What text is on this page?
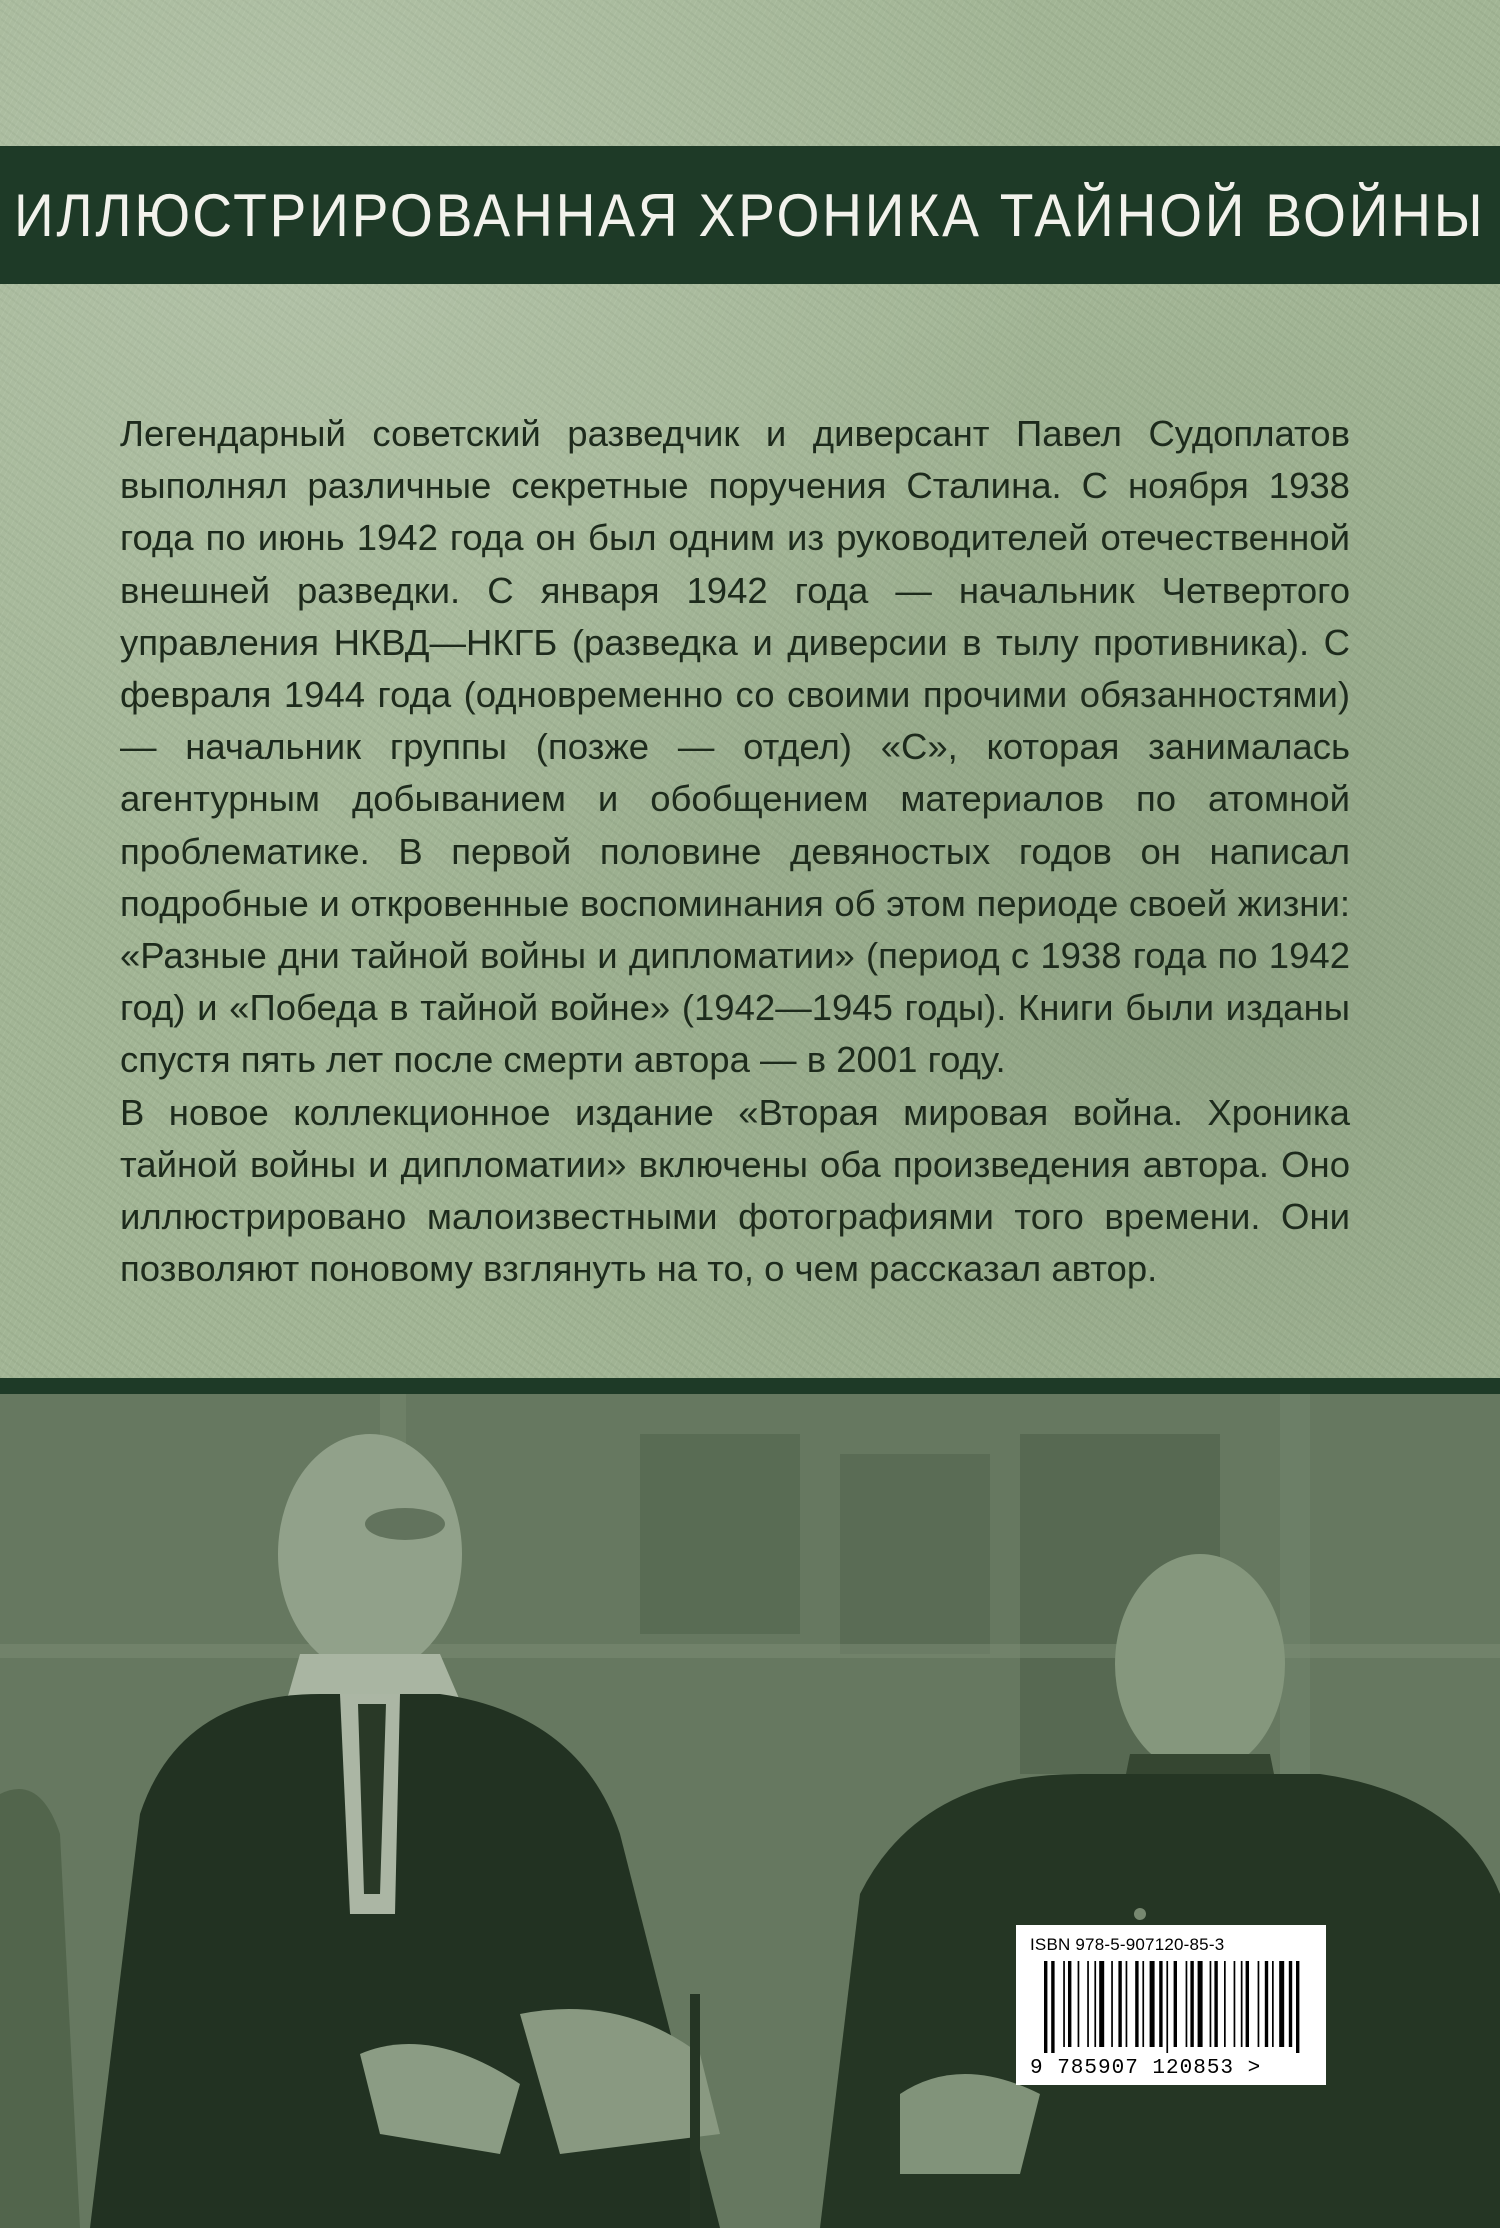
ИЛЛЮСТРИРОВАННАЯ ХРОНИКА ТАЙНОЙ ВОЙНЫ

Легендарный советский разведчик и диверсант Павел Судоплатов выполнял различные секретные поручения Сталина. С ноября 1938 года по июнь 1942 года он был одним из руководителей отечественной внешней разведки. С января 1942 года — начальник Четвертого управления НКВД—НКГБ (разведка и диверсии в тылу противника). С февраля 1944 года (одновременно со своими прочими обязанностями) — начальник группы (позже — отдел) «С», которая занималась агентурным добыванием и обобщением материалов по атомной проблематике. В первой половине девяностых годов он написал подробные и откровенные воспоминания об этом периоде своей жизни: «Разные дни тайной войны и дипломатии» (период с 1938 года по 1942 год) и «Победа в тайной войне» (1942—1945 годы). Книги были изданы спустя пять лет после смерти автора — в 2001 году.

В новое коллекционное издание «Вторая мировая война. Хроника тайной войны и дипломатии» включены оба произведения автора. Оно иллюстрировано малоизвестными фотографиями того времени. Они позволяют поновому взглянуть на то, о чем рассказал автор.

ISBN 978-5-907120-85-3
9 785907 120853 >
